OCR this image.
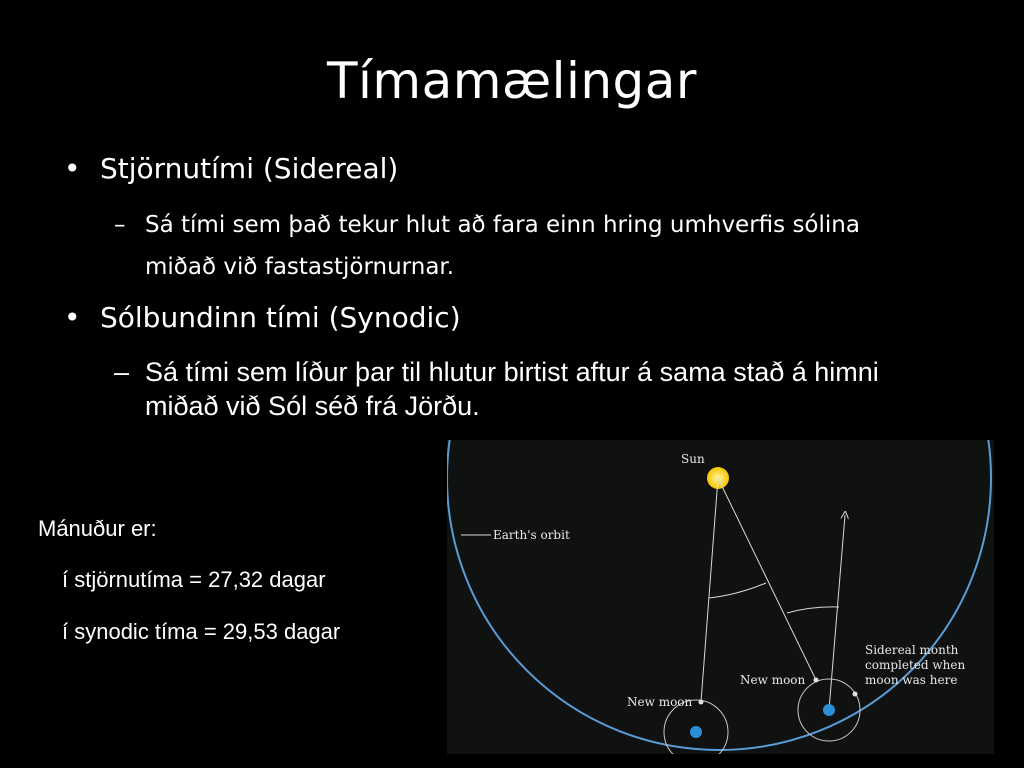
Tímamælingar
• Stjörnutími (Sidereal)
– Sá tími sem það tekur hlut að fara einn hring umhverfis sólina miðað við fastastjörnurnar.
• Sólbundinn tími (Synodic)
– Sá tími sem líður þar til hlutur birtist aftur á sama stað á himni miðað við Sól séð frá Jörðu.
Mánuður er:
í stjörnutíma = 27,32 dagar
í synodic tíma = 29,53 dagar
Sun
Earth's orbit
New moon
New moon
Sidereal month
completed when
moon was here
